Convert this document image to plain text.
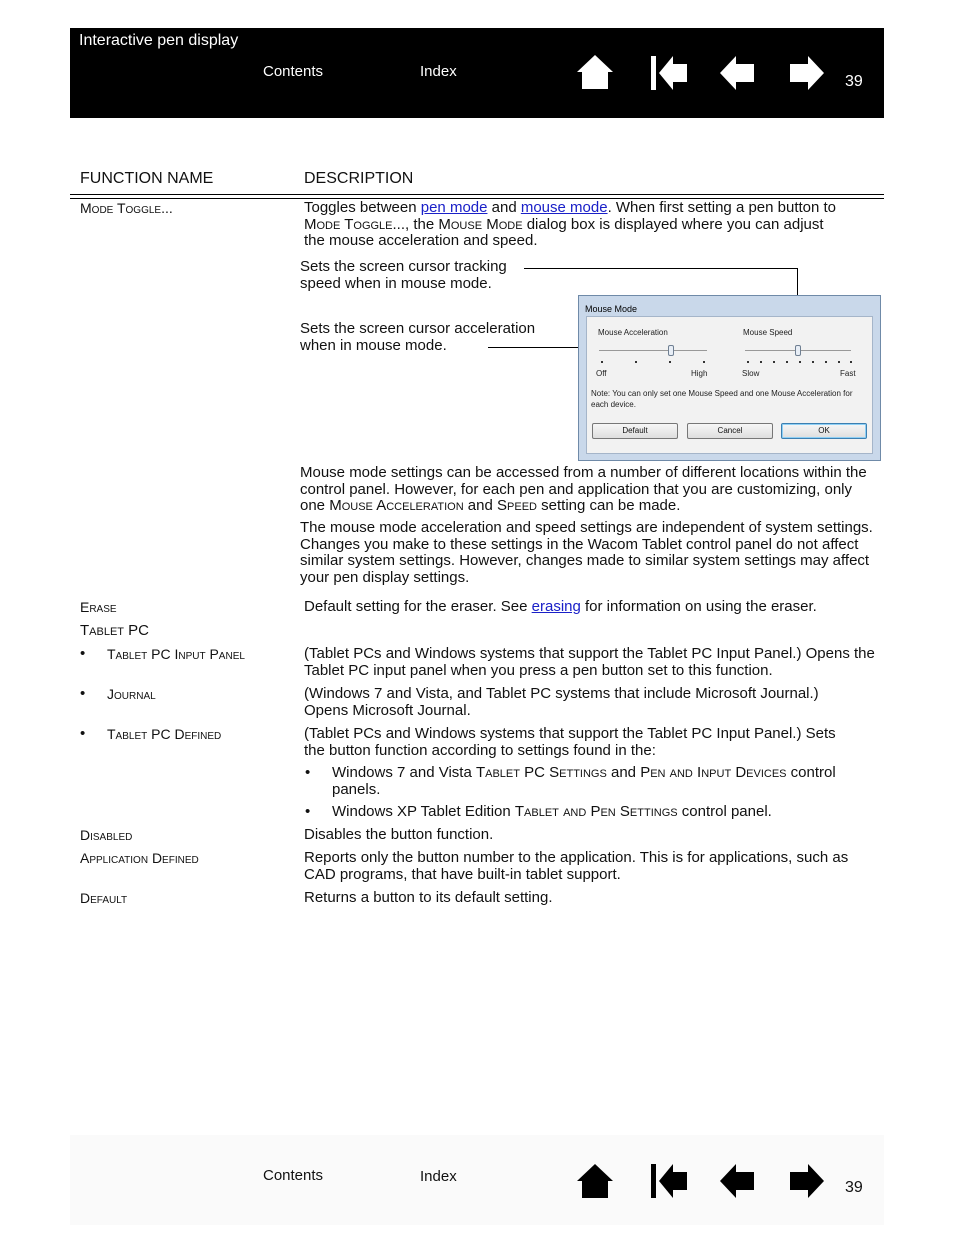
Interactive pen display
Contents	Index
39
FUNCTION NAME	DESCRIPTION
Mode Toggle...	Toggles between pen mode and mouse mode. When first setting a pen button to
Mode Toggle..., the Mouse Mode dialog box is displayed where you can adjust
the mouse acceleration and speed.
Sets the screen cursor tracking speed when in mouse mode.
Sets the screen cursor acceleration when in mouse mode.
Mouse Mode
Mouse Acceleration
Off	High
Mouse Speed
Slow	Fast
Note: You can only set one Mouse Speed and one Mouse Acceleration for each device.
Default	Cancel	OK
Mouse mode settings can be accessed from a number of different locations within the control panel. However, for each pen and application that you are customizing, only one Mouse Acceleration and Speed setting can be made.
The mouse mode acceleration and speed settings are independent of system settings. Changes you make to these settings in the Wacom Tablet control panel do not affect similar system settings. However, changes made to similar system settings may affect your pen display settings.
Erase	Default setting for the eraser. See erasing for information on using the eraser.
Tablet PC
• Tablet PC Input Panel	(Tablet PCs and Windows systems that support the Tablet PC Input Panel.) Opens the Tablet PC input panel when you press a pen button set to this function.
• Journal	(Windows 7 and Vista, and Tablet PC systems that include Microsoft Journal.) Opens Microsoft Journal.
• Tablet PC Defined	(Tablet PCs and Windows systems that support the Tablet PC Input Panel.) Sets the button function according to settings found in the:
• Windows 7 and Vista Tablet PC Settings and Pen and Input Devices control panels.
• Windows XP Tablet Edition Tablet and Pen Settings control panel.
Disabled	Disables the button function.
Application Defined	Reports only the button number to the application. This is for applications, such as CAD programs, that have built-in tablet support.
Default	Returns a button to its default setting.
Contents	Index
39
